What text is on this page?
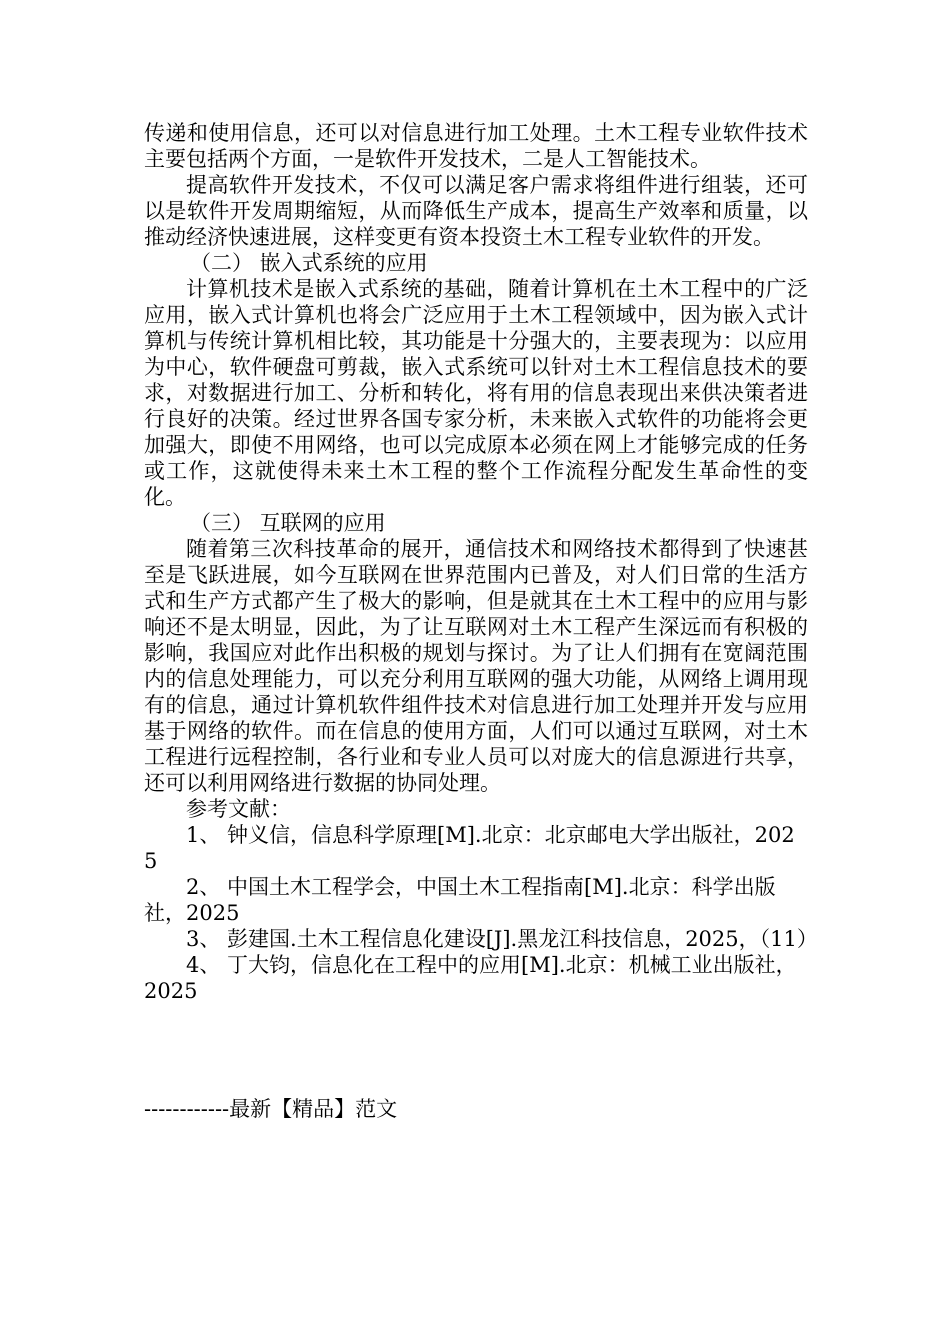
传递和使用信息，还可以对信息进行加工处理。土木工程专业软件技术主要包括两个方面，一是软件开发技术，二是人工智能技术。

提高软件开发技术，不仅可以满足客户需求将组件进行组装，还可以是软件开发周期缩短，从而降低生产成本，提高生产效率和质量，以推动经济快速进展，这样变更有资本投资土木工程专业软件的开发。

（二） 嵌入式系统的应用

计算机技术是嵌入式系统的基础，随着计算机在土木工程中的广泛应用，嵌入式计算机也将会广泛应用于土木工程领域中，因为嵌入式计算机与传统计算机相比较，其功能是十分强大的，主要表现为：以应用为中心，软件硬盘可剪裁，嵌入式系统可以针对土木工程信息技术的要求，对数据进行加工、分析和转化，将有用的信息表现出来供决策者进行良好的决策。经过世界各国专家分析，未来嵌入式软件的功能将会更加强大，即使不用网络，也可以完成原本必须在网上才能够完成的任务或工作，这就使得未来土木工程的整个工作流程分配发生革命性的变化。

（三） 互联网的应用

随着第三次科技革命的展开，通信技术和网络技术都得到了快速甚至是飞跃进展，如今互联网在世界范围内已普及，对人们日常的生活方式和生产方式都产生了极大的影响，但是就其在土木工程中的应用与影响还不是太明显，因此，为了让互联网对土木工程产生深远而有积极的影响，我国应对此作出积极的规划与探讨。为了让人们拥有在宽阔范围内的信息处理能力，可以充分利用互联网的强大功能，从网络上调用现有的信息，通过计算机软件组件技术对信息进行加工处理并开发与应用基于网络的软件。而在信息的使用方面，人们可以通过互联网，对土木工程进行远程控制，各行业和专业人员可以对庞大的信息源进行共享，还可以利用网络进行数据的协同处理。

参考文献：

1、 钟义信，信息科学原理[M].北京：北京邮电大学出版社，2025

2、 中国土木工程学会，中国土木工程指南[M].北京：科学出版社，2025

3、 彭建国.土木工程信息化建设[J].黑龙江科技信息，2025，（11）

4、 丁大钧，信息化在工程中的应用[M].北京：机械工业出版社，2025

------------最新【精品】范文
